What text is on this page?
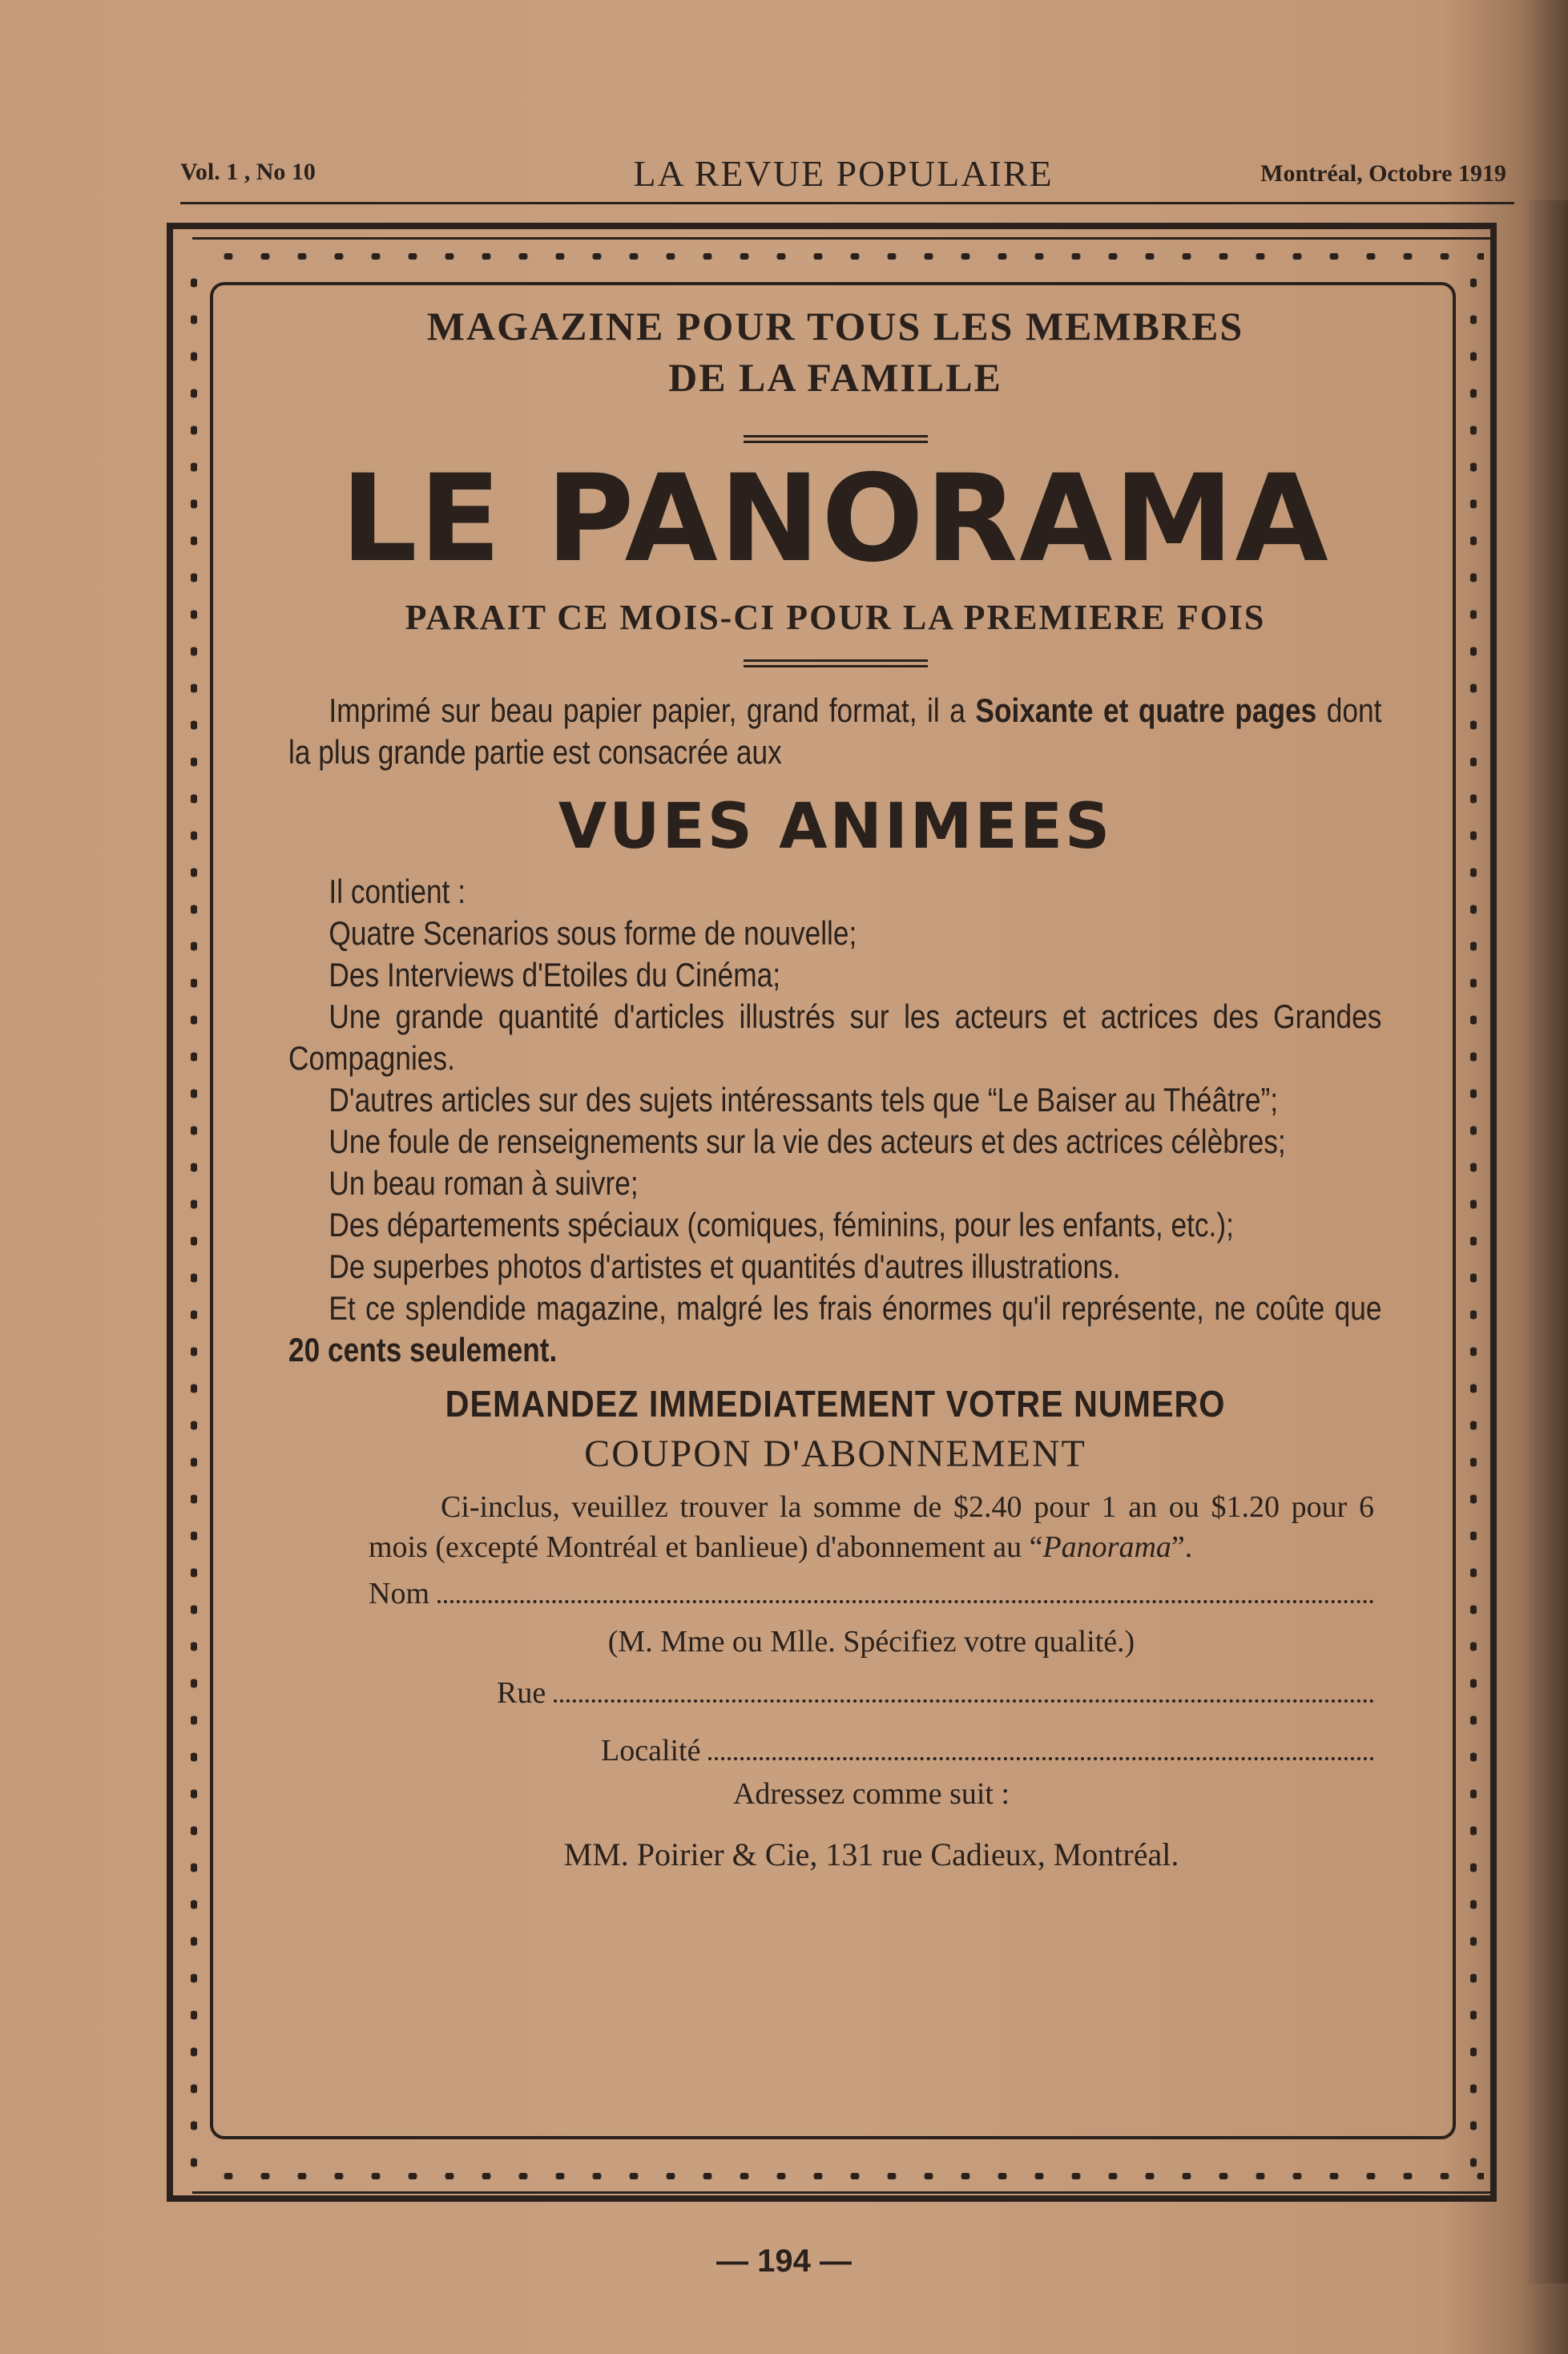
Vol. 1 , No 10	LA REVUE POPULAIRE	Montréal, Octobre 1919
MAGAZINE POUR TOUS LES MEMBRES
DE LA FAMILLE
LE PANORAMA
PARAIT CE MOIS-CI POUR LA PREMIERE FOIS

Imprimé sur beau papier papier, grand format, il a Soixante et quatre pages dont la plus grande partie est consacrée aux

VUES ANIMEES

Il contient :

Quatre Scenarios sous forme de nouvelle;

Des Interviews d'Etoiles du Cinéma;

Une grande quantité d'articles illustrés sur les acteurs et actrices des Grandes Compagnies.

D'autres articles sur des sujets intéressants tels que “Le Baiser au Théâtre”;

Une foule de renseignements sur la vie des acteurs et des actrices célèbres;

Un beau roman à suivre;

Des départements spéciaux (comiques, féminins, pour les enfants, etc.);

De superbes photos d'artistes et quantités d'autres illustrations.

Et ce splendide magazine, malgré les frais énormes qu'il représente, ne coûte que 20 cents seulement.

DEMANDEZ IMMEDIATEMENT VOTRE NUMERO
COUPON D'ABONNEMENT

Ci-inclus, veuillez trouver la somme de $2.40 pour 1 an ou $1.20 pour 6 mois (excepté Montréal et banlieue) d'abonnement au “Panorama”.

Nom
(M. Mme ou Mlle. Spécifiez votre qualité.)
Rue
Localité
Adressez comme suit :
MM. Poirier & Cie, 131 rue Cadieux, Montréal.
— 194 —
